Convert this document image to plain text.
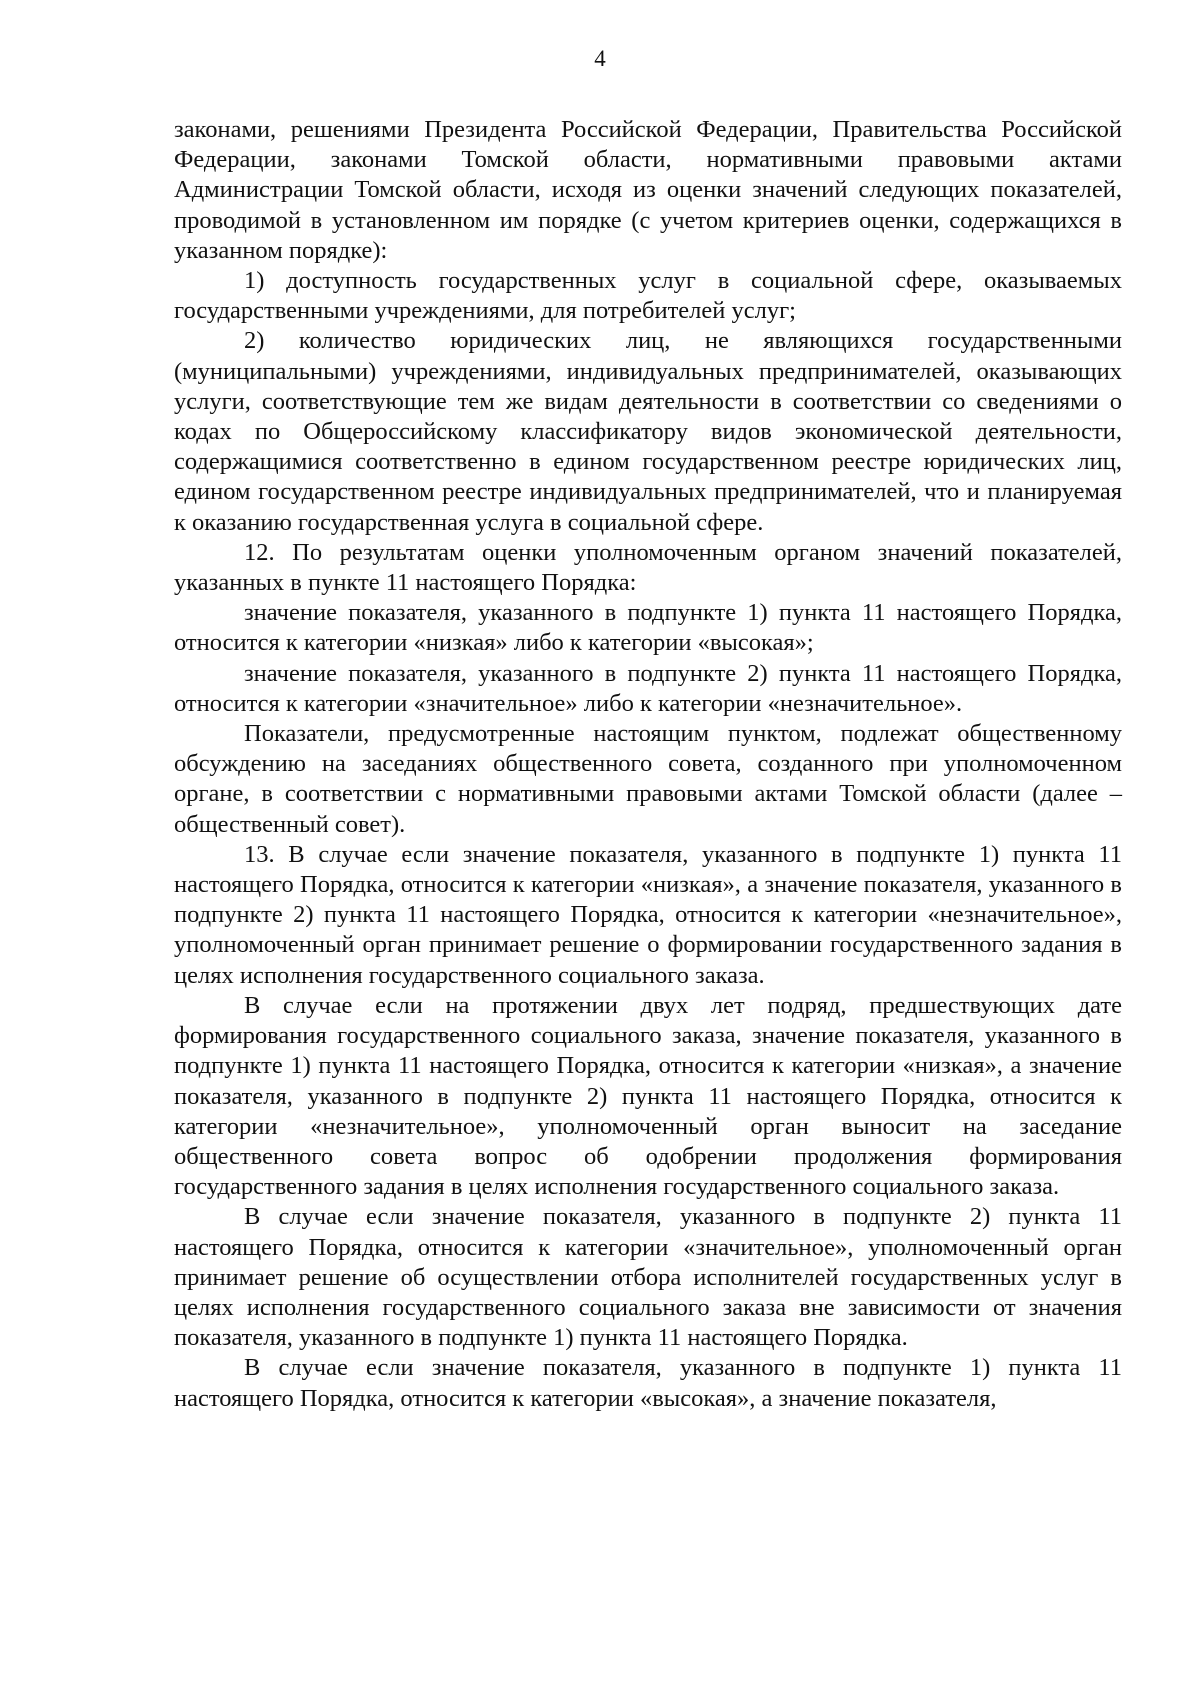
4

законами, решениями Президента Российской Федерации, Правительства Российской Федерации, законами Томской области, нормативными правовыми актами Администрации Томской области, исходя из оценки значений следующих показателей, проводимой в установленном им порядке (с учетом критериев оценки, содержащихся в указанном порядке):

1) доступность государственных услуг в социальной сфере, оказываемых государственными учреждениями, для потребителей услуг;

2) количество юридических лиц, не являющихся государственными (муниципальными) учреждениями, индивидуальных предпринимателей, оказывающих услуги, соответствующие тем же видам деятельности в соответствии со сведениями о кодах по Общероссийскому классификатору видов экономической деятельности, содержащимися соответственно в едином государственном реестре юридических лиц, едином государственном реестре индивидуальных предпринимателей, что и планируемая к оказанию государственная услуга в социальной сфере.

12. По результатам оценки уполномоченным органом значений показателей, указанных в пункте 11 настоящего Порядка:

значение показателя, указанного в подпункте 1) пункта 11 настоящего Порядка, относится к категории «низкая» либо к категории «высокая»;

значение показателя, указанного в подпункте 2) пункта 11 настоящего Порядка, относится к категории «значительное» либо к категории «незначительное».

Показатели, предусмотренные настоящим пунктом, подлежат общественному обсуждению на заседаниях общественного совета, созданного при уполномоченном органе, в соответствии с нормативными правовыми актами Томской области (далее – общественный совет).

13. В случае если значение показателя, указанного в подпункте 1) пункта 11 настоящего Порядка, относится к категории «низкая», а значение показателя, указанного в подпункте 2) пункта 11 настоящего Порядка, относится к категории «незначительное», уполномоченный орган принимает решение о формировании государственного задания в целях исполнения государственного социального заказа.

В случае если на протяжении двух лет подряд, предшествующих дате формирования государственного социального заказа, значение показателя, указанного в подпункте 1) пункта 11 настоящего Порядка, относится к категории «низкая», а значение показателя, указанного в подпункте 2) пункта 11 настоящего Порядка, относится к категории «незначительное», уполномоченный орган выносит на заседание общественного совета вопрос об одобрении продолжения формирования государственного задания в целях исполнения государственного социального заказа.

В случае если значение показателя, указанного в подпункте 2) пункта 11 настоящего Порядка, относится к категории «значительное», уполномоченный орган принимает решение об осуществлении отбора исполнителей государственных услуг в целях исполнения государственного социального заказа вне зависимости от значения показателя, указанного в подпункте 1) пункта 11 настоящего Порядка.

В случае если значение показателя, указанного в подпункте 1) пункта 11 настоящего Порядка, относится к категории «высокая», а значение показателя,
